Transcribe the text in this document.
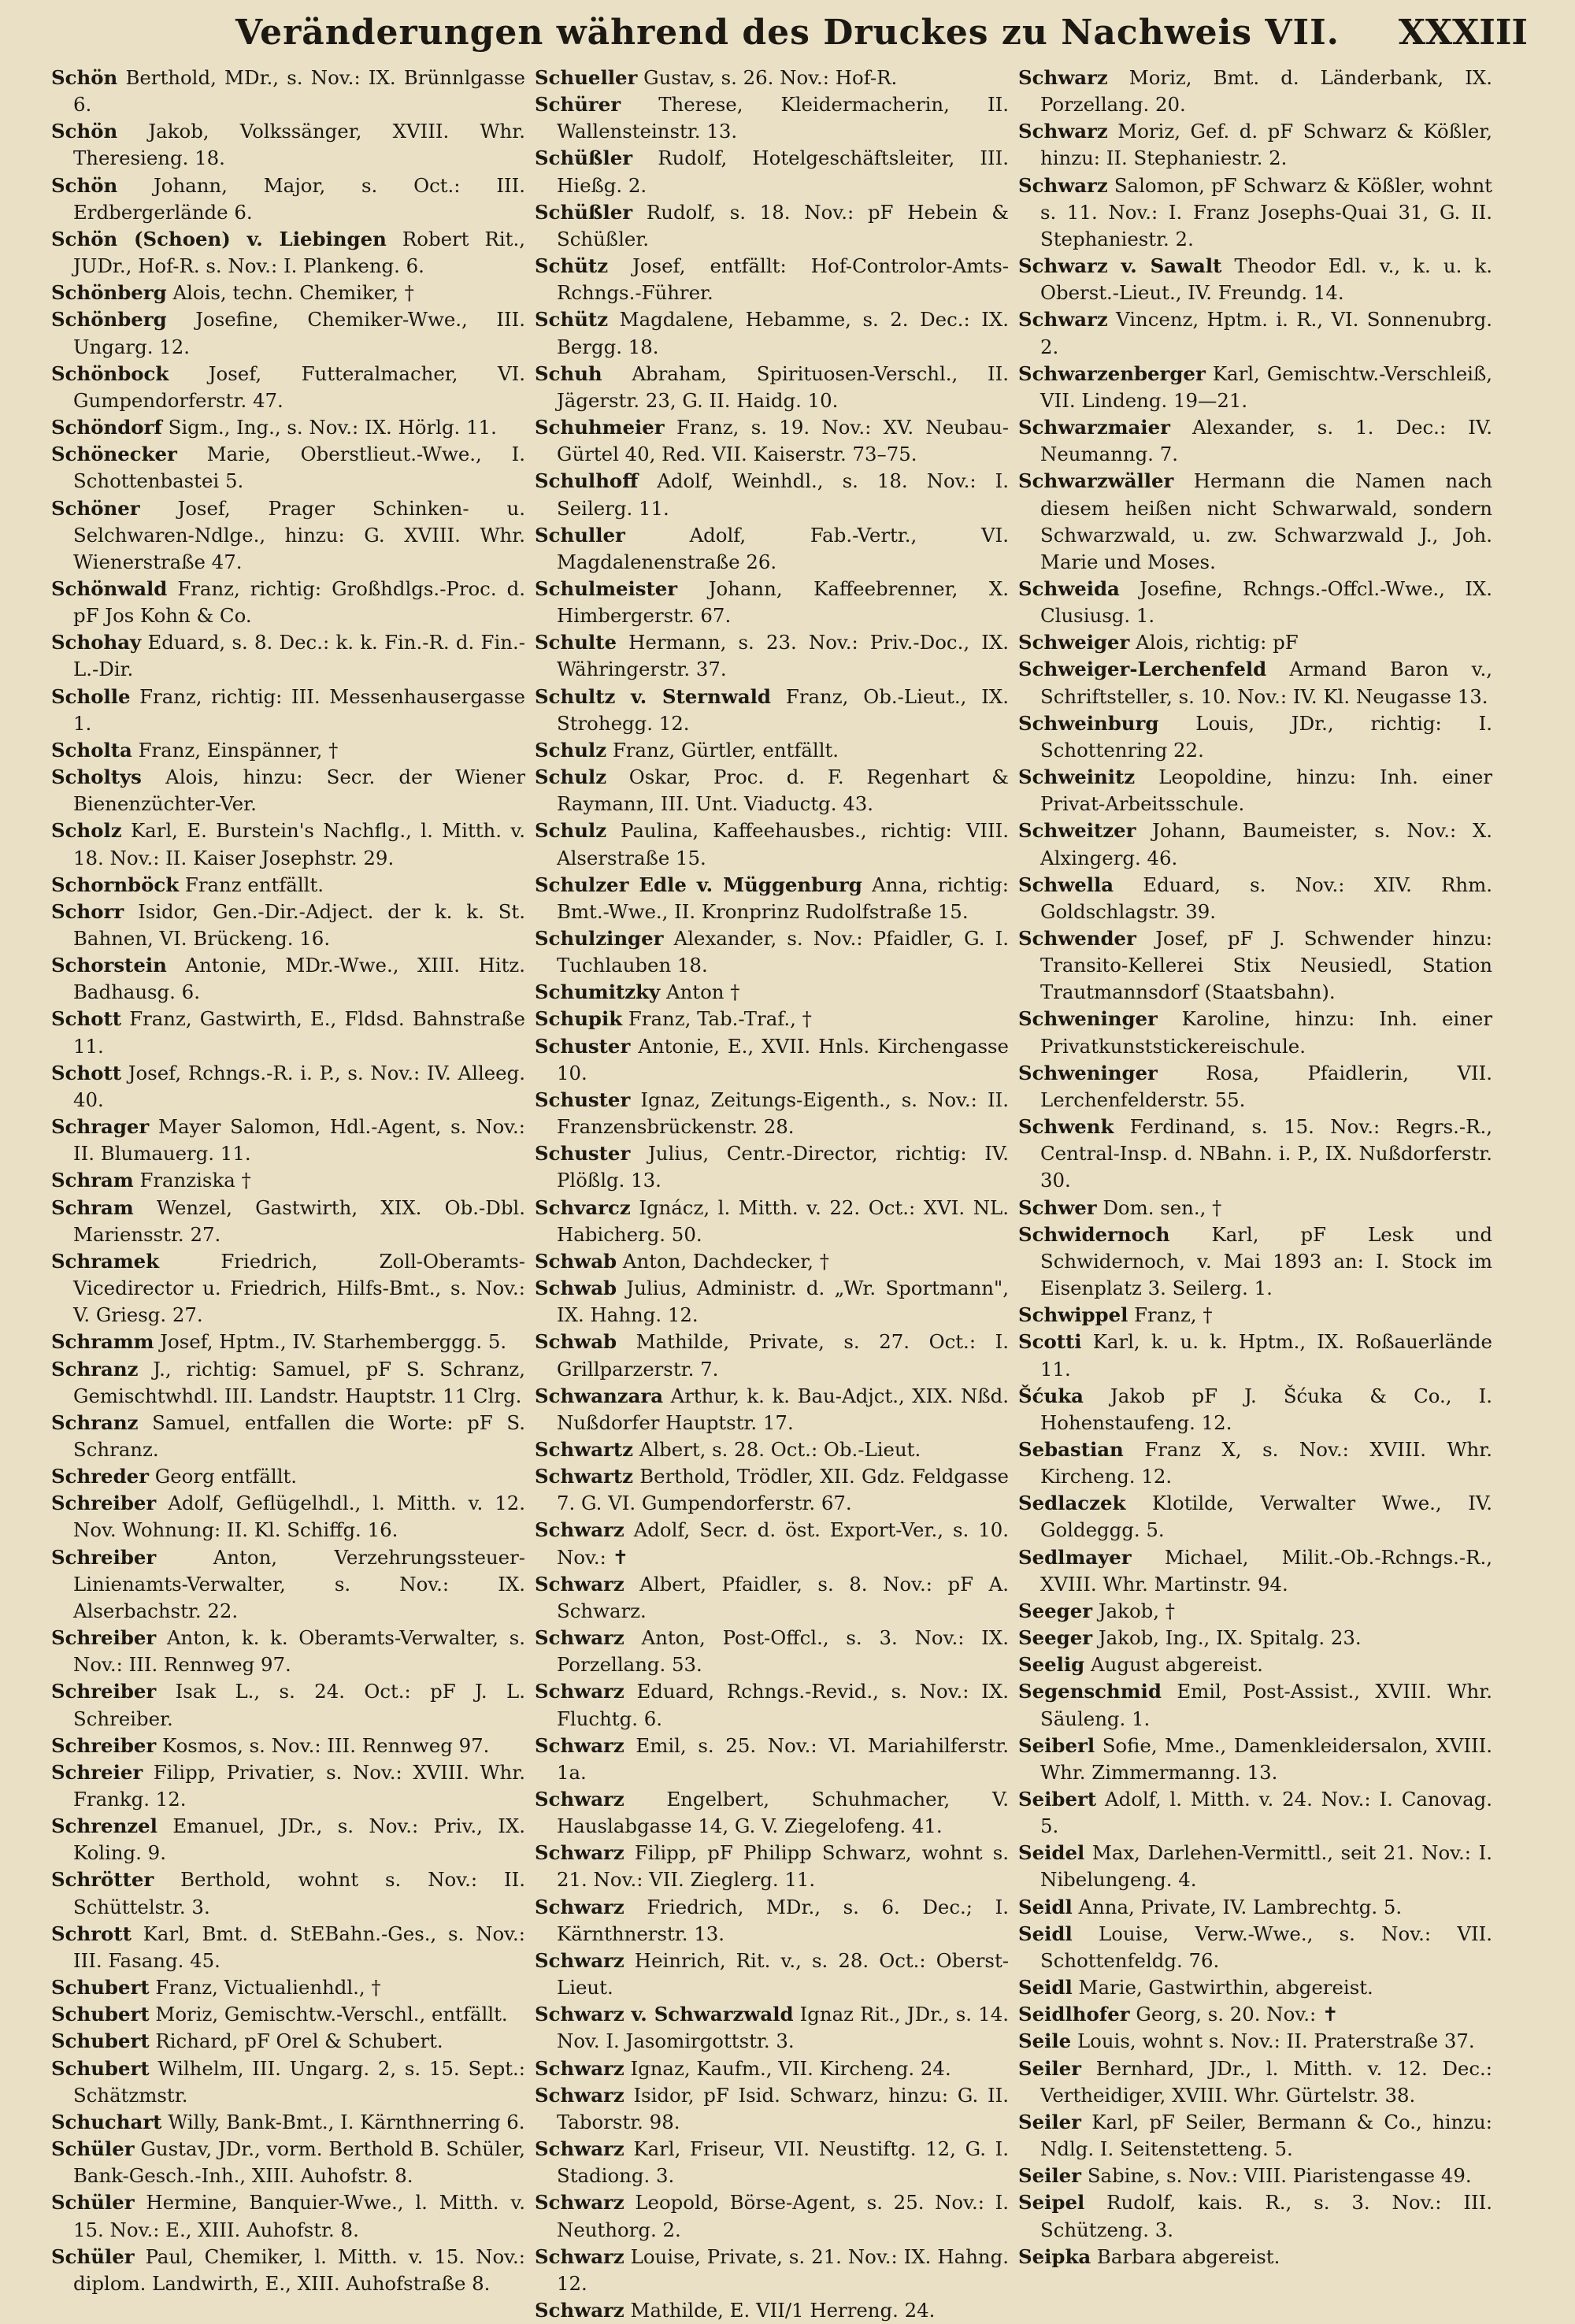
Veränderungen während des Druckes zu Nachweis VII. XXXIII
Schön Berthold, MDr., s. Nov.: IX. Brünnlgasse 6.
Schön Jakob, Volkssänger, XVIII. Whr. Theresieng. 18.
Schön Johann, Major, s. Oct.: III. Erdbergerlände 6.
Schön (Schoen) v. Liebingen Robert Rit., JUDr., Hof-R. s. Nov.: I. Plankeng. 6.
Schönberg Alois, techn. Chemiker, †
Schönberg Josefine, Chemiker-Wwe., III. Ungarg. 12.
Schönbock Josef, Futteralmacher, VI. Gumpendorferstr. 47.
Schöndorf Sigm., Ing., s. Nov.: IX. Hörlg. 11.
Schönecker Marie, Oberstlieut.-Wwe., I. Schottenbastei 5.
Schöner Josef, Prager Schinken- u. Selchwaren-Ndlge., hinzu: G. XVIII. Whr. Wienerstraße 47.
Schönwald Franz, richtig: Großhdlgs.-Proc. d. pF Jos Kohn & Co.
Schohay Eduard, s. 8. Dec.: k. k. Fin.-R. d. Fin.-L.-Dir.
Scholle Franz, richtig: III. Messenhausergasse 1.
Scholta Franz, Einspänner, †
Scholtys Alois, hinzu: Secr. der Wiener Bienenzüchter-Ver.
Scholz Karl, E. Burstein's Nachflg., l. Mitth. v. 18. Nov.: II. Kaiser Josephstr. 29.
Schornböck Franz entfällt.
Schorr Isidor, Gen.-Dir.-Adject. der k. k. St. Bahnen, VI. Brückeng. 16.
Schorstein Antonie, MDr.-Wwe., XIII. Hitz. Badhausg. 6.
Schott Franz, Gastwirth, E., Fldsd. Bahnstraße 11.
Schott Josef, Rchngs.-R. i. P., s. Nov.: IV. Alleeg. 40.
Schrager Mayer Salomon, Hdl.-Agent, s. Nov.: II. Blumauerg. 11.
Schram Franziska †
Schram Wenzel, Gastwirth, XIX. Ob.-Dbl. Mariensstr. 27.
Schramek	Friedrich, Zoll-Oberamts-Vicedirector u. Friedrich, Hilfs-Bmt., s. Nov.: V. Griesg. 27.
Schramm Josef, Hptm., IV. Starhemberggg. 5.
Schranz J., richtig: Samuel, pF S. Schranz, Gemischtwhdl. III. Landstr. Hauptstr. 11 Clrg.
Schranz Samuel, entfallen die Worte: pF S. Schranz.
Schreder Georg entfällt.
Schreiber Adolf, Geflügelhdl., l. Mitth. v. 12. Nov. Wohnung: II. Kl. Schiffg. 16.
Schreiber	Anton, Verzehrungssteuer-Linienamts-Verwalter, s. Nov.: IX. Alserbachstr. 22.
Schreiber Anton, k. k. Oberamts-Verwalter, s. Nov.: III. Rennweg 97.
Schreiber Isak L., s. 24. Oct.: pF J. L. Schreiber.
Schreiber Kosmos, s. Nov.: III. Rennweg 97.
Schreier Filipp, Privatier, s. Nov.: XVIII. Whr. Frankg. 12.
Schrenzel Emanuel, JDr., s. Nov.: Priv., IX. Koling. 9.
Schrötter Berthold, wohnt s. Nov.: II. Schüttelstr. 3.
Schrott Karl, Bmt. d. StEBahn.-Ges., s. Nov.: III. Fasang. 45.
Schubert Franz, Victualienhdl., †
Schubert Moriz, Gemischtw.-Verschl., entfällt.
Schubert Richard, pF Orel & Schubert.
Schubert Wilhelm, III. Ungarg. 2, s. 15. Sept.: Schätzmstr.
Schuchart Willy, Bank-Bmt., I. Kärnthnerring 6.
Schüler Gustav, JDr., vorm. Berthold B. Schüler, Bank-Gesch.-Inh., XIII. Auhofstr. 8.
Schüler Hermine, Banquier-Wwe., l. Mitth. v. 15. Nov.: E., XIII. Auhofstr. 8.
Schüler Paul, Chemiker, l. Mitth. v. 15. Nov.: diplom. Landwirth, E., XIII. Auhofstraße 8.
Schueller Gustav, s. 26. Nov.: Hof-R.
Schürer Therese, Kleidermacherin, II. Wallensteinstr. 13.
Schüßler Rudolf, Hotelgeschäftsleiter, III. Hießg. 2.
Schüßler Rudolf, s. 18. Nov.: pF Hebein & Schüßler.
Schütz Josef, entfällt: Hof-Controlor-Amts-Rchngs.-Führer.
Schütz Magdalene, Hebamme, s. 2. Dec.: IX. Bergg. 18.
Schuh Abraham, Spirituosen-Verschl., II. Jägerstr. 23, G. II. Haidg. 10.
Schuhmeier Franz, s. 19. Nov.: XV. Neubau-Gürtel 40, Red. VII. Kaiserstr. 73–75.
Schulhoff Adolf, Weinhdl., s. 18. Nov.: I. Seilerg. 11.
Schuller	Adolf, Fab.-Vertr., VI. Magdalenenstraße 26.
Schulmeister Johann, Kaffeebrenner, X. Himbergerstr. 67.
Schulte Hermann, s. 23. Nov.: Priv.-Doc., IX. Währingerstr. 37.
Schultz v. Sternwald Franz, Ob.-Lieut., IX. Strohegg. 12.
Schulz Franz, Gürtler, entfällt.
Schulz Oskar, Proc. d. F. Regenhart & Raymann, III. Unt. Viaductg. 43.
Schulz Paulina, Kaffeehausbes., richtig: VIII. Alserstraße 15.
Schulzer Edle v. Müggenburg Anna, richtig: Bmt.-Wwe., II. Kronprinz Rudolfstraße 15.
Schulzinger Alexander, s. Nov.: Pfaidler, G. I. Tuchlauben 18.
Schumitzky Anton †
Schupik Franz, Tab.-Traf., †
Schuster Antonie, E., XVII. Hnls. Kirchengasse 10.
Schuster Ignaz, Zeitungs-Eigenth., s. Nov.: II. Franzensbrückenstr. 28.
Schuster Julius, Centr.-Director, richtig: IV. Plößlg. 13.
Schvarcz Ignácz, l. Mitth. v. 22. Oct.: XVI. NL. Habicherg. 50.
Schwab Anton, Dachdecker, †
Schwab Julius, Administr. d. „Wr. Sportmann", IX. Hahng. 12.
Schwab Mathilde, Private, s. 27. Oct.: I. Grillparzerstr. 7.
Schwanzara Arthur, k. k. Bau-Adjct., XIX. Nßd. Nußdorfer Hauptstr. 17.
Schwartz Albert, s. 28. Oct.: Ob.-Lieut.
Schwartz Berthold, Trödler, XII. Gdz. Feldgasse 7. G. VI. Gumpendorferstr. 67.
Schwarz Adolf, Secr. d. öst. Export-Ver., s. 10. Nov.: ✝
Schwarz Albert, Pfaidler, s. 8. Nov.: pF A. Schwarz.
Schwarz Anton, Post-Offcl., s. 3. Nov.: IX. Porzellang. 53.
Schwarz Eduard, Rchngs.-Revid., s. Nov.: IX. Fluchtg. 6.
Schwarz Emil, s. 25. Nov.: VI. Mariahilferstr. 1a.
Schwarz Engelbert, Schuhmacher, V. Hauslabgasse 14, G. V. Ziegelofeng. 41.
Schwarz Filipp, pF Philipp Schwarz, wohnt s. 21. Nov.: VII. Zieglerg. 11.
Schwarz Friedrich, MDr., s. 6. Dec.; I. Kärnthnerstr. 13.
Schwarz Heinrich, Rit. v., s. 28. Oct.: Oberst-Lieut.
Schwarz v. Schwarzwald Ignaz Rit., JDr., s. 14. Nov. I. Jasomirgottstr. 3.
Schwarz Ignaz, Kaufm., VII. Kircheng. 24.
Schwarz Isidor, pF Isid. Schwarz, hinzu: G. II. Taborstr. 98.
Schwarz Karl, Friseur, VII. Neustiftg. 12, G. I. Stadiong. 3.
Schwarz Leopold, Börse-Agent, s. 25. Nov.: I. Neuthorg. 2.
Schwarz Louise, Private, s. 21. Nov.: IX. Hahng. 12.
Schwarz Mathilde, E. VII/1 Herreng. 24.
Schwarz Moriz, Bmt. d. Länderbank, IX. Porzellang. 20.
Schwarz Moriz, Gef. d. pF Schwarz & Kößler, hinzu: II. Stephaniestr. 2.
Schwarz Salomon, pF Schwarz & Kößler, wohnt s. 11. Nov.: I. Franz Josephs-Quai 31, G. II. Stephaniestr. 2.
Schwarz v. Sawalt Theodor Edl. v., k. u. k. Oberst.-Lieut., IV. Freundg. 14.
Schwarz Vincenz, Hptm. i. R., VI. Sonnenubrg. 2.
Schwarzenberger Karl, Gemischtw.-Verschleiß, VII. Lindeng. 19—21.
Schwarzmaier Alexander, s. 1. Dec.: IV. Neumanng. 7.
Schwarzwäller Hermann die Namen nach diesem heißen nicht Schwarwald, sondern Schwarzwald, u. zw. Schwarzwald J., Joh. Marie und Moses.
Schweida Josefine, Rchngs.-Offcl.-Wwe., IX. Clusiusg. 1.
Schweiger Alois, richtig: pF
Schweiger-Lerchenfeld Armand Baron v., Schriftsteller, s. 10. Nov.: IV. Kl. Neugasse 13.
Schweinburg Louis, JDr., richtig: I. Schottenring 22.
Schweinitz Leopoldine, hinzu: Inh. einer Privat-Arbeitsschule.
Schweitzer Johann, Baumeister, s. Nov.: X. Alxingerg. 46.
Schwella Eduard, s. Nov.: XIV. Rhm. Goldschlagstr. 39.
Schwender Josef, pF J. Schwender hinzu: Transito-Kellerei Stix Neusiedl, Station Trautmannsdorf (Staatsbahn).
Schweninger Karoline, hinzu: Inh. einer Privatkunststickereischule.
Schweninger	Rosa, Pfaidlerin, VII. Lerchenfelderstr. 55.
Schwenk Ferdinand, s. 15. Nov.: Regrs.-R., Central-Insp. d. NBahn. i. P., IX. Nußdorferstr. 30.
Schwer Dom. sen., †
Schwidernoch Karl, pF Lesk und Schwidernoch, v. Mai 1893 an: I. Stock im Eisenplatz 3. Seilerg. 1.
Schwippel Franz, †
Scotti Karl, k. u. k. Hptm., IX. Roßauerlände 11.
Šćuka Jakob pF J. Šćuka & Co., I. Hohenstaufeng. 12.
Sebastian Franz X, s. Nov.: XVIII. Whr. Kircheng. 12.
Sedlaczek Klotilde, Verwalter Wwe., IV. Goldeggg. 5.
Sedlmayer Michael, Milit.-Ob.-Rchngs.-R., XVIII. Whr. Martinstr. 94.
Seeger Jakob, †
Seeger Jakob, Ing., IX. Spitalg. 23.
Seelig August abgereist.
Segenschmid Emil, Post-Assist., XVIII. Whr. Säuleng. 1.
Seiberl Sofie, Mme., Damenkleidersalon, XVIII. Whr. Zimmermanng. 13.
Seibert Adolf, l. Mitth. v. 24. Nov.: I. Canovag. 5.
Seidel Max, Darlehen-Vermittl., seit 21. Nov.: I. Nibelungeng. 4.
Seidl Anna, Private, IV. Lambrechtg. 5.
Seidl Louise, Verw.-Wwe., s. Nov.: VII. Schottenfeldg. 76.
Seidl Marie, Gastwirthin, abgereist.
Seidlhofer Georg, s. 20. Nov.: ✝
Seile Louis, wohnt s. Nov.: II. Praterstraße 37.
Seiler Bernhard, JDr., l. Mitth. v. 12. Dec.: Vertheidiger, XVIII. Whr. Gürtelstr. 38.
Seiler Karl, pF Seiler, Bermann & Co., hinzu: Ndlg. I. Seitenstetteng. 5.
Seiler Sabine, s. Nov.: VIII. Piaristengasse 49.
Seipel Rudolf, kais. R., s. 3. Nov.: III. Schützeng. 3.
Seipka Barbara abgereist.
